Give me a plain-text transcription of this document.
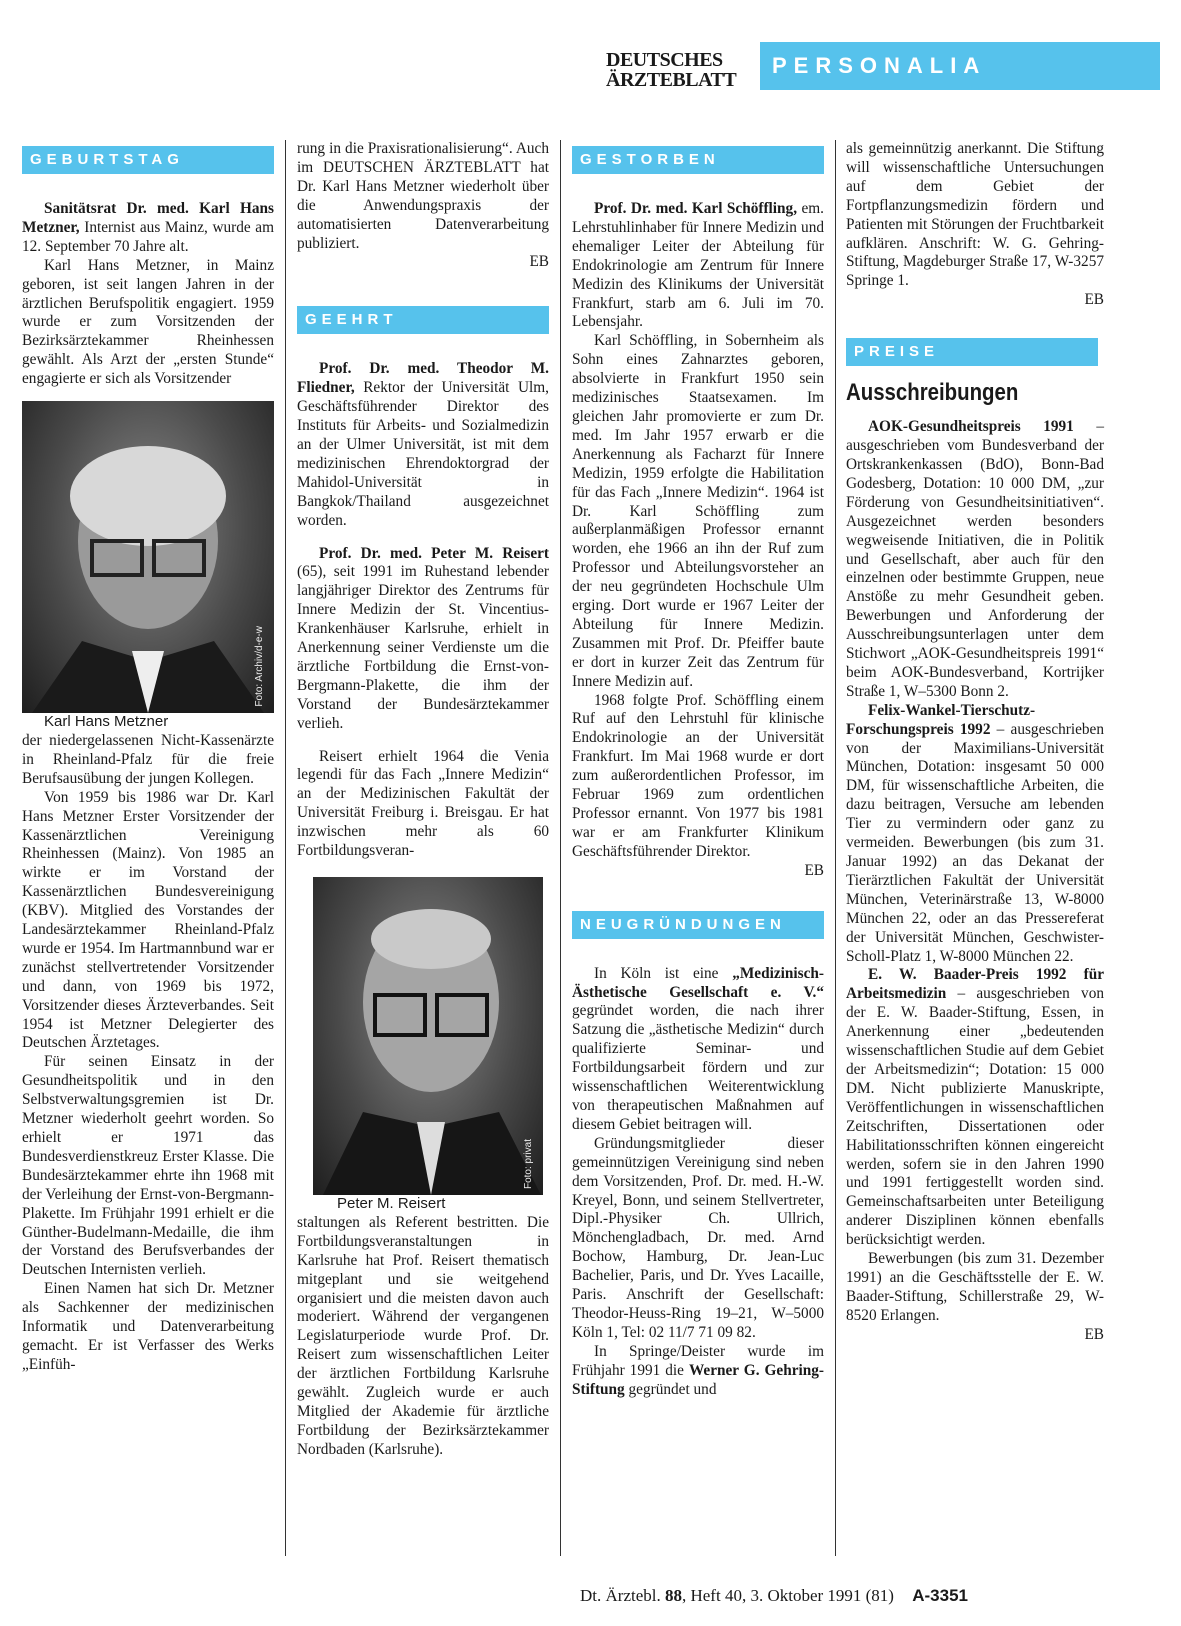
DEUTSCHES
ÄRZTEBLATT
PERSONALIA
GEBURTSTAG

Sanitätsrat Dr. med. Karl Hans Metzner, Internist aus Mainz, wurde am 12. September 70 Jahre alt.

Karl Hans Metzner, in Mainz geboren, ist seit langen Jahren in der ärztlichen Berufspolitik engagiert. 1959 wurde er zum Vorsitzenden der Bezirksärztekammer Rheinhessen gewählt. Als Arzt der „ersten Stunde“ engagierte er sich als Vorsitzender

Foto: Archiv/d-e-w

Karl Hans Metzner

der niedergelassenen Nicht-Kassenärzte in Rheinland-Pfalz für die freie Berufsausübung der jungen Kollegen.

Von 1959 bis 1986 war Dr. Karl Hans Metzner Erster Vorsitzender der Kassenärztlichen Vereinigung Rheinhessen (Mainz). Von 1985 an wirkte er im Vorstand der Kassenärztlichen Bundesvereinigung (KBV). Mitglied des Vorstandes der Landesärztekammer Rheinland-Pfalz wurde er 1954. Im Hartmannbund war er zunächst stellvertretender Vorsitzender und dann, von 1969 bis 1972, Vorsitzender dieses Ärzteverbandes. Seit 1954 ist Metzner Delegierter des Deutschen Ärztetages.

Für seinen Einsatz in der Gesundheitspolitik und in den Selbstverwaltungsgremien ist Dr. Metzner wiederholt geehrt worden. So erhielt er 1971 das Bundesverdienstkreuz Erster Klasse. Die Bundesärztekammer ehrte ihn 1968 mit der Verleihung der Ernst-von-Bergmann-Plakette. Im Frühjahr 1991 erhielt er die Günther-Budelmann-Medaille, die ihm der Vorstand des Berufsverbandes der Deutschen Internisten verlieh.

Einen Namen hat sich Dr. Metzner als Sachkenner der medizinischen Informatik und Datenverarbeitung gemacht. Er ist Verfasser des Werks „Einfüh-

rung in die Praxisrationalisierung“. Auch im DEUTSCHEN ÄRZTEBLATT hat Dr. Karl Hans Metzner wiederholt über die Anwendungspraxis der automatisierten Datenverarbeitung publiziert.
EB

GEEHRT

Prof. Dr. med. Theodor M. Fliedner, Rektor der Universität Ulm, Geschäftsführender Direktor des Instituts für Arbeits- und Sozialmedizin an der Ulmer Universität, ist mit dem medizinischen Ehrendoktorgrad der Mahidol-Universität in Bangkok/Thailand ausgezeichnet worden.

Prof. Dr. med. Peter M. Reisert (65), seit 1991 im Ruhestand lebender langjähriger Direktor des Zentrums für Innere Medizin der St. Vincentius-Krankenhäuser Karlsruhe, erhielt in Anerkennung seiner Verdienste um die ärztliche Fortbildung die Ernst-von-Bergmann-Plakette, die ihm der Vorstand der Bundesärztekammer verlieh.

Reisert erhielt 1964 die Venia legendi für das Fach „Innere Medizin“ an der Medizinischen Fakultät der Universität Freiburg i. Breisgau. Er hat inzwischen mehr als 60 Fortbildungsveran-

Foto: privat

Peter M. Reisert

staltungen als Referent bestritten. Die Fortbildungsveranstaltungen in Karlsruhe hat Prof. Reisert thematisch mitgeplant und sie weitgehend organisiert und die meisten davon auch moderiert. Während der vergangenen Legislaturperiode wurde Prof. Dr. Reisert zum wissenschaftlichen Leiter der ärztlichen Fortbildung Karlsruhe gewählt. Zugleich wurde er auch Mitglied der Akademie für ärztliche Fortbildung der Bezirksärztekammer Nordbaden (Karlsruhe).

GESTORBEN

Prof. Dr. med. Karl Schöffling, em. Lehrstuhlinhaber für Innere Medizin und ehemaliger Leiter der Abteilung für Endokrinologie am Zentrum für Innere Medizin des Klinikums der Universität Frankfurt, starb am 6. Juli im 70. Lebensjahr.

Karl Schöffling, in Sobernheim als Sohn eines Zahnarztes geboren, absolvierte in Frankfurt 1950 sein medizinisches Staatsexamen. Im gleichen Jahr promovierte er zum Dr. med. Im Jahr 1957 erwarb er die Anerkennung als Facharzt für Innere Medizin, 1959 erfolgte die Habilitation für das Fach „Innere Medizin“. 1964 ist Dr. Karl Schöffling zum außerplanmäßigen Professor ernannt worden, ehe 1966 an ihn der Ruf zum Professor und Abteilungsvorsteher an der neu gegründeten Hochschule Ulm erging. Dort wurde er 1967 Leiter der Abteilung für Innere Medizin. Zusammen mit Prof. Dr. Pfeiffer baute er dort in kurzer Zeit das Zentrum für Innere Medizin auf.

1968 folgte Prof. Schöffling einem Ruf auf den Lehrstuhl für klinische Endokrinologie an der Universität Frankfurt. Im Mai 1968 wurde er dort zum außerordentlichen Professor, im Februar 1969 zum ordentlichen Professor ernannt. Von 1977 bis 1981 war er am Frankfurter Klinikum Geschäftsführender Direktor.
EB

NEUGRÜNDUNGEN

In Köln ist eine „Medizinisch-Ästhetische Gesellschaft e. V.“ gegründet worden, die nach ihrer Satzung die „ästhetische Medizin“ durch qualifizierte Seminar- und Fortbildungsarbeit fördern und zur wissenschaftlichen Weiterentwicklung von therapeutischen Maßnahmen auf diesem Gebiet beitragen will.

Gründungsmitglieder dieser gemeinnützigen Vereinigung sind neben dem Vorsitzenden, Prof. Dr. med. H.-W. Kreyel, Bonn, und seinem Stellvertreter, Dipl.-Physiker Ch. Ullrich, Mönchengladbach, Dr. med. Arnd Bochow, Hamburg, Dr. Jean-Luc Bachelier, Paris, und Dr. Yves Lacaille, Paris. Anschrift der Gesellschaft: Theodor-Heuss-Ring 19–21, W–5000 Köln 1, Tel: 02 11/7 71 09 82.

In Springe/Deister wurde im Frühjahr 1991 die Werner G. Gehring-Stiftung gegründet und

als gemeinnützig anerkannt. Die Stiftung will wissenschaftliche Untersuchungen auf dem Gebiet der Fortpflanzungsmedizin fördern und Patienten mit Störungen der Fruchtbarkeit aufklären. Anschrift: W. G. Gehring-Stiftung, Magdeburger Straße 17, W-3257 Springe 1.
EB

PREISE
Ausschreibungen

AOK-Gesundheitspreis 1991 – ausgeschrieben vom Bundesverband der Ortskrankenkassen (BdO), Bonn-Bad Godesberg, Dotation: 10 000 DM, „zur Förderung von Gesundheitsinitiativen“. Ausgezeichnet werden besonders wegweisende Initiativen, die in Politik und Gesellschaft, aber auch für den einzelnen oder bestimmte Gruppen, neue Anstöße zu mehr Gesundheit geben. Bewerbungen und Anforderung der Ausschreibungsunterlagen unter dem Stichwort „AOK-Gesundheitspreis 1991“ beim AOK-Bundesverband, Kortrijker Straße 1, W–5300 Bonn 2.

Felix-Wankel-Tierschutz-Forschungspreis 1992 – ausgeschrieben von der Maximilians-Universität München, Dotation: insgesamt 50 000 DM, für wissenschaftliche Arbeiten, die dazu beitragen, Versuche am lebenden Tier zu vermindern oder ganz zu vermeiden. Bewerbungen (bis zum 31. Januar 1992) an das Dekanat der Tierärztlichen Fakultät der Universität München, Veterinärstraße 13, W-8000 München 22, oder an das Pressereferat der Universität München, Geschwister-Scholl-Platz 1, W-8000 München 22.

E. W. Baader-Preis 1992 für Arbeitsmedizin – ausgeschrieben von der E. W. Baader-Stiftung, Essen, in Anerkennung einer „bedeutenden wissenschaftlichen Studie auf dem Gebiet der Arbeitsmedizin“; Dotation: 15 000 DM. Nicht publizierte Manuskripte, Veröffentlichungen in wissenschaftlichen Zeitschriften, Dissertationen oder Habilitationsschriften können eingereicht werden, sofern sie in den Jahren 1990 und 1991 fertiggestellt worden sind. Gemeinschaftsarbeiten unter Beteiligung anderer Disziplinen können ebenfalls berücksichtigt werden.

Bewerbungen (bis zum 31. Dezember 1991) an die Geschäftsstelle der E. W. Baader-Stiftung, Schillerstraße 29, W-8520 Erlangen.
EB

Dt. Ärztebl. 88, Heft 40, 3. Oktober 1991 (81) A-3351
